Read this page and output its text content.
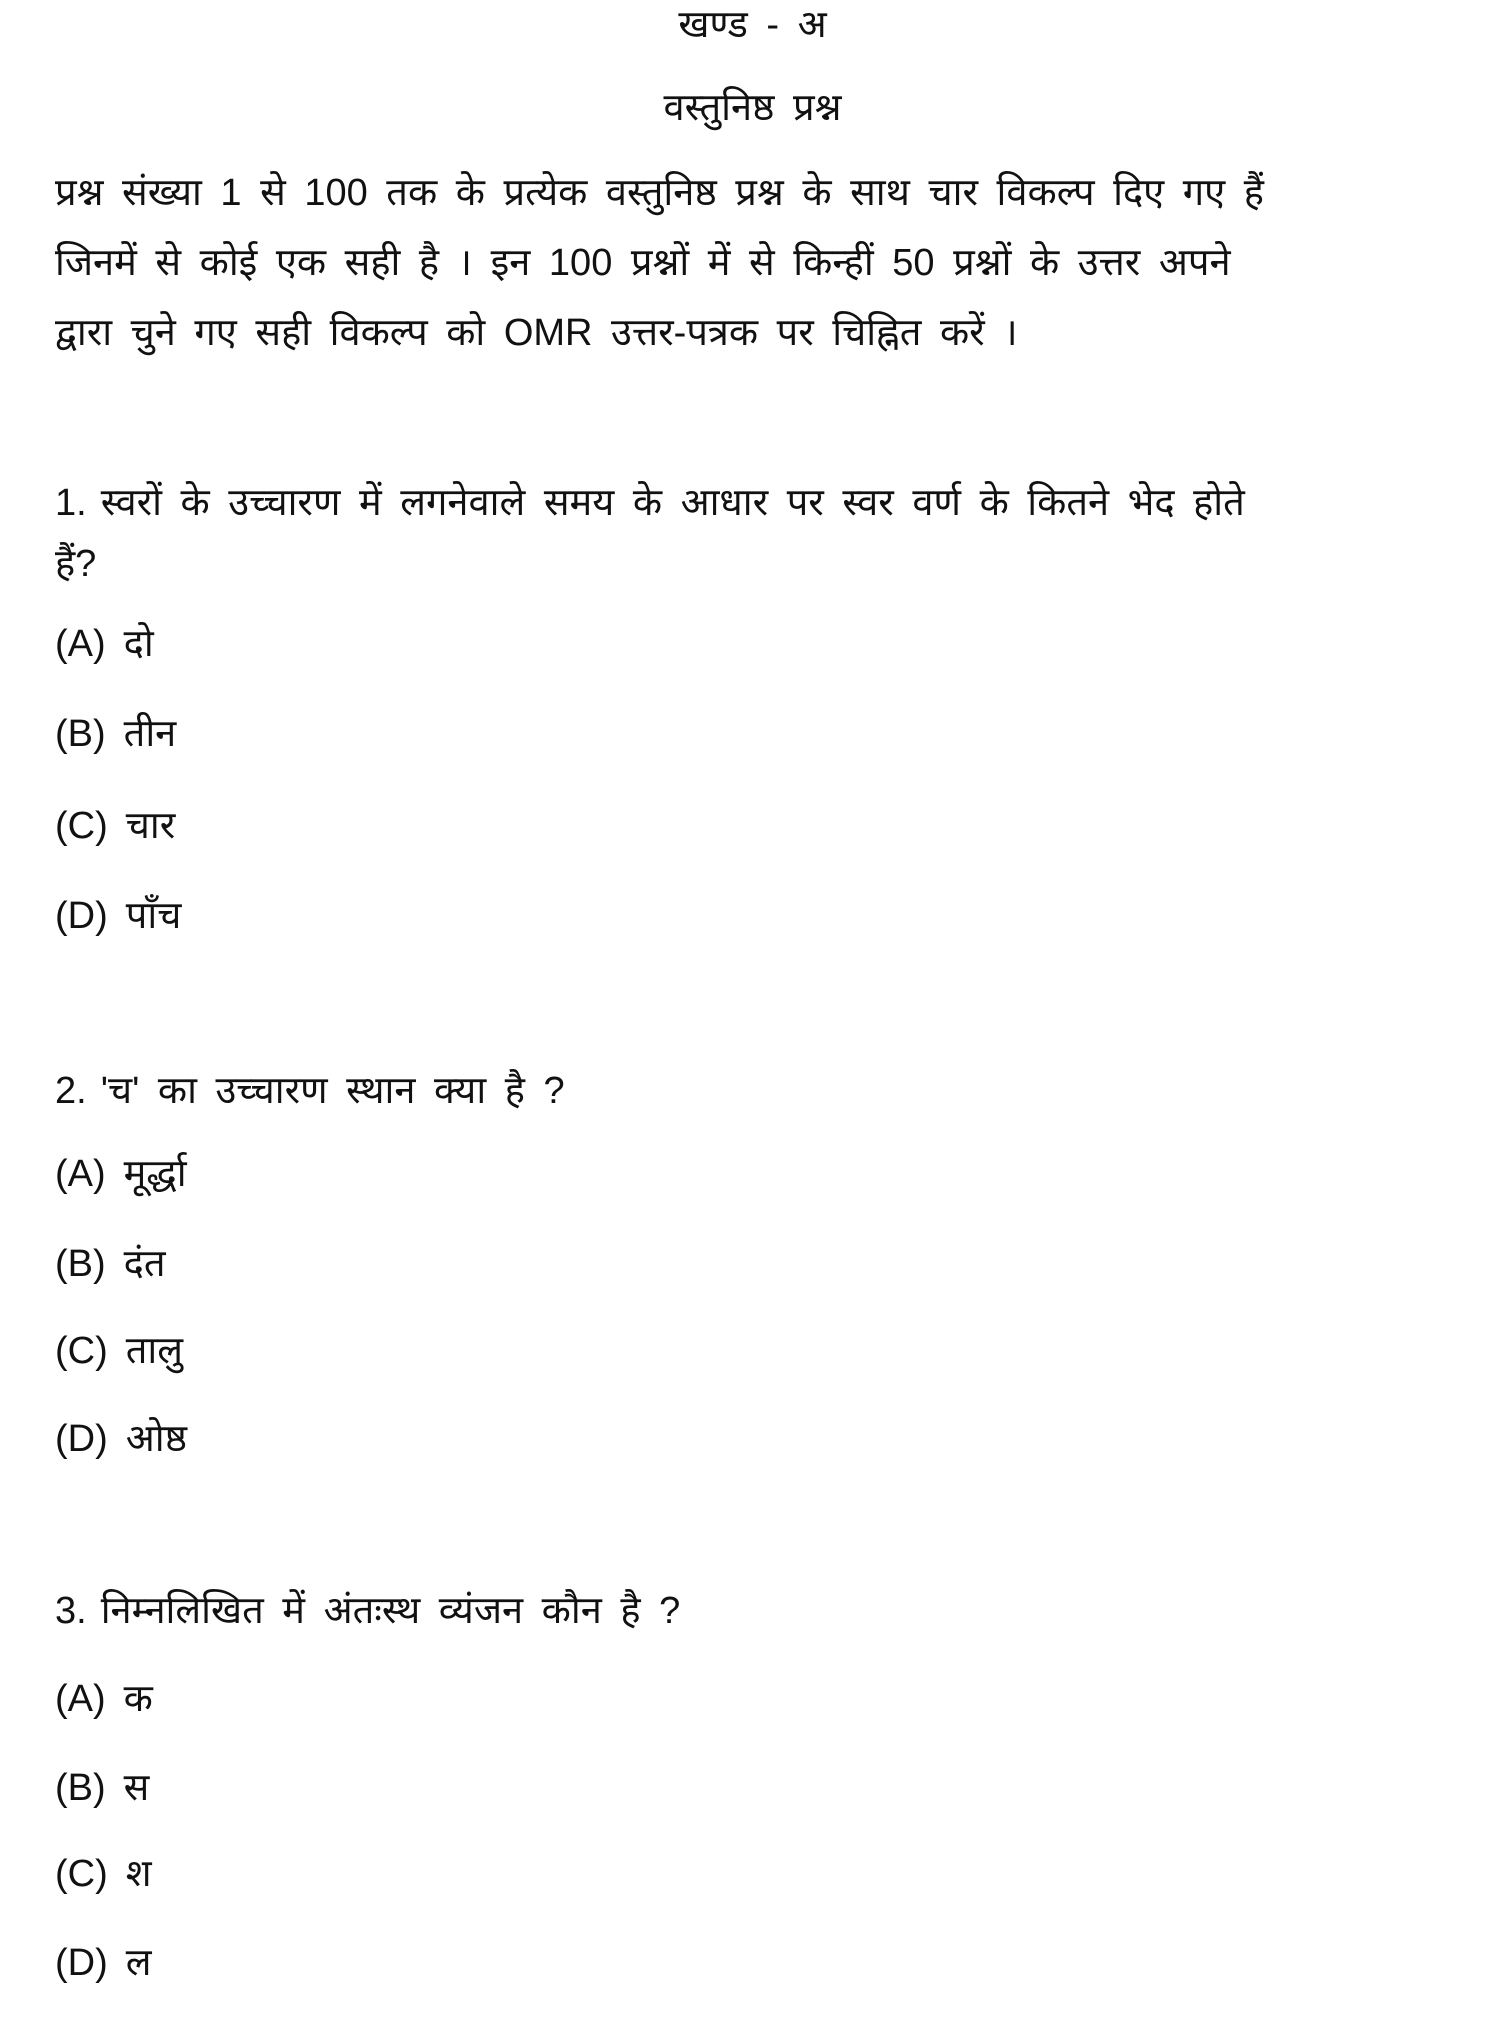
खण्ड - अ
वस्तुनिष्ठ प्रश्न
प्रश्न संख्या 1 से 100 तक के प्रत्येक वस्तुनिष्ठ प्रश्न के साथ चार विकल्प दिए गए हैं
जिनमें से कोई एक सही है । इन 100 प्रश्नों में से किन्हीं 50 प्रश्नों के उत्तर अपने
द्वारा चुने गए सही विकल्प को OMR उत्तर-पत्रक पर चिह्नित करें ।
1. स्वरों के उच्चारण में लगनेवाले समय के आधार पर स्वर वर्ण के कितने भेद होते
हैं?
(A) दो
(B) तीन
(C) चार
(D) पाँच
2. 'च' का उच्चारण स्थान क्या है ?
(A) मूर्द्धा
(B) दंत
(C) तालु
(D) ओष्ठ
3. निम्नलिखित में अंतःस्थ व्यंजन कौन है ?
(A) क
(B) स
(C) श
(D) ल
